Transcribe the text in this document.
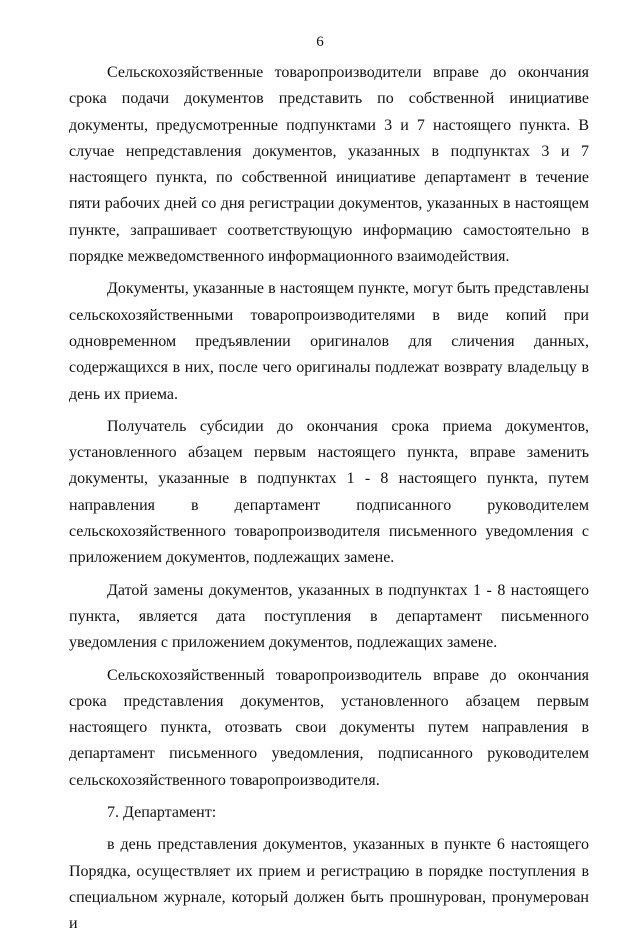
6

Сельскохозяйственные товаропроизводители вправе до окончания срока подачи документов представить по собственной инициативе документы, предусмотренные подпунктами 3 и 7 настоящего пункта. В случае непредставления документов, указанных в подпунктах 3 и 7 настоящего пункта, по собственной инициативе департамент в течение пяти рабочих дней со дня регистрации документов, указанных в настоящем пункте, запрашивает соответствующую информацию самостоятельно в порядке межведомственного информационного взаимодействия.

Документы, указанные в настоящем пункте, могут быть представлены сельскохозяйственными товаропроизводителями в виде копий при одновременном предъявлении оригиналов для сличения данных, содержащихся в них, после чего оригиналы подлежат возврату владельцу в день их приема.

Получатель субсидии до окончания срока приема документов, установленного абзацем первым настоящего пункта, вправе заменить документы, указанные в подпунктах 1 - 8 настоящего пункта, путем направления в департамент подписанного руководителем сельскохозяйственного товаропроизводителя письменного уведомления с приложением документов, подлежащих замене.

Датой замены документов, указанных в подпунктах 1 - 8 настоящего пункта, является дата поступления в департамент письменного уведомления с приложением документов, подлежащих замене.

Сельскохозяйственный товаропроизводитель вправе до окончания срока представления документов, установленного абзацем первым настоящего пункта, отозвать свои документы путем направления в департамент письменного уведомления, подписанного руководителем сельскохозяйственного товаропроизводителя.

7. Департамент:

в день представления документов, указанных в пункте 6 настоящего Порядка, осуществляет их прием и регистрацию в порядке поступления в специальном журнале, который должен быть прошнурован, пронумерован и
